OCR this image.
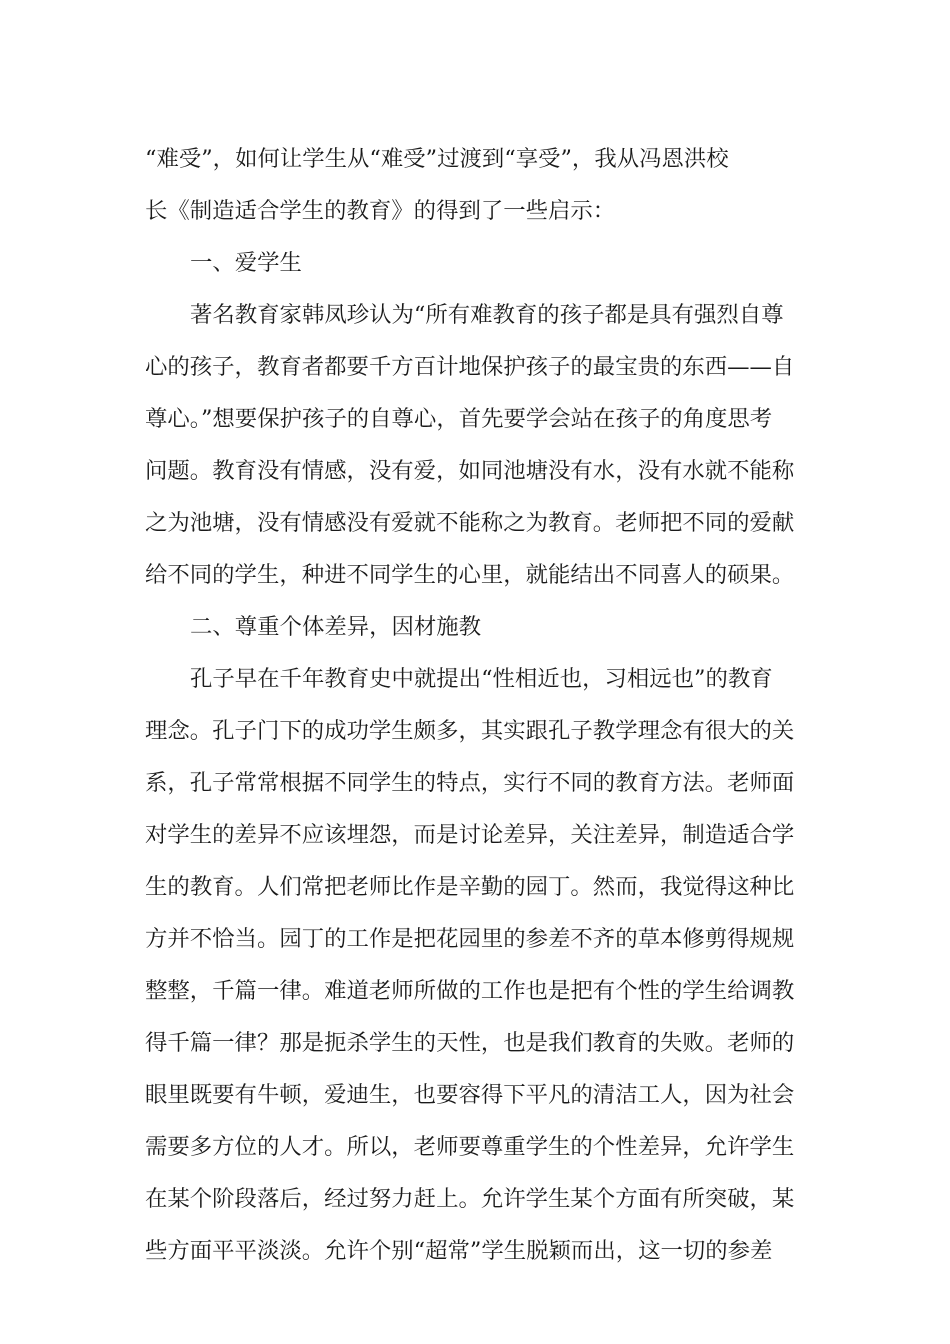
“难受”，如何让学生从“难受”过渡到“享受”，我从冯恩洪校
长《制造适合学生的教育》的得到了一些启示：
一、爱学生
著名教育家韩凤珍认为“所有难教育的孩子都是具有强烈自尊
心的孩子，教育者都要千方百计地保护孩子的最宝贵的东西——自
尊心。”想要保护孩子的自尊心，首先要学会站在孩子的角度思考
问题。教育没有情感，没有爱，如同池塘没有水，没有水就不能称
之为池塘，没有情感没有爱就不能称之为教育。老师把不同的爱献
给不同的学生，种进不同学生的心里，就能结出不同喜人的硕果。
二、尊重个体差异，因材施教
孔子早在千年教育史中就提出“性相近也，习相远也”的教育
理念。孔子门下的成功学生颇多，其实跟孔子教学理念有很大的关
系，孔子常常根据不同学生的特点，实行不同的教育方法。老师面
对学生的差异不应该埋怨，而是讨论差异，关注差异，制造适合学
生的教育。人们常把老师比作是辛勤的园丁。然而，我觉得这种比
方并不恰当。园丁的工作是把花园里的参差不齐的草本修剪得规规
整整，千篇一律。难道老师所做的工作也是把有个性的学生给调教
得千篇一律？那是扼杀学生的天性，也是我们教育的失败。老师的
眼里既要有牛顿，爱迪生，也要容得下平凡的清洁工人，因为社会
需要多方位的人才。所以，老师要尊重学生的个性差异，允许学生
在某个阶段落后，经过努力赶上。允许学生某个方面有所突破，某
些方面平平淡淡。允许个别“超常”学生脱颖而出，这一切的参差
